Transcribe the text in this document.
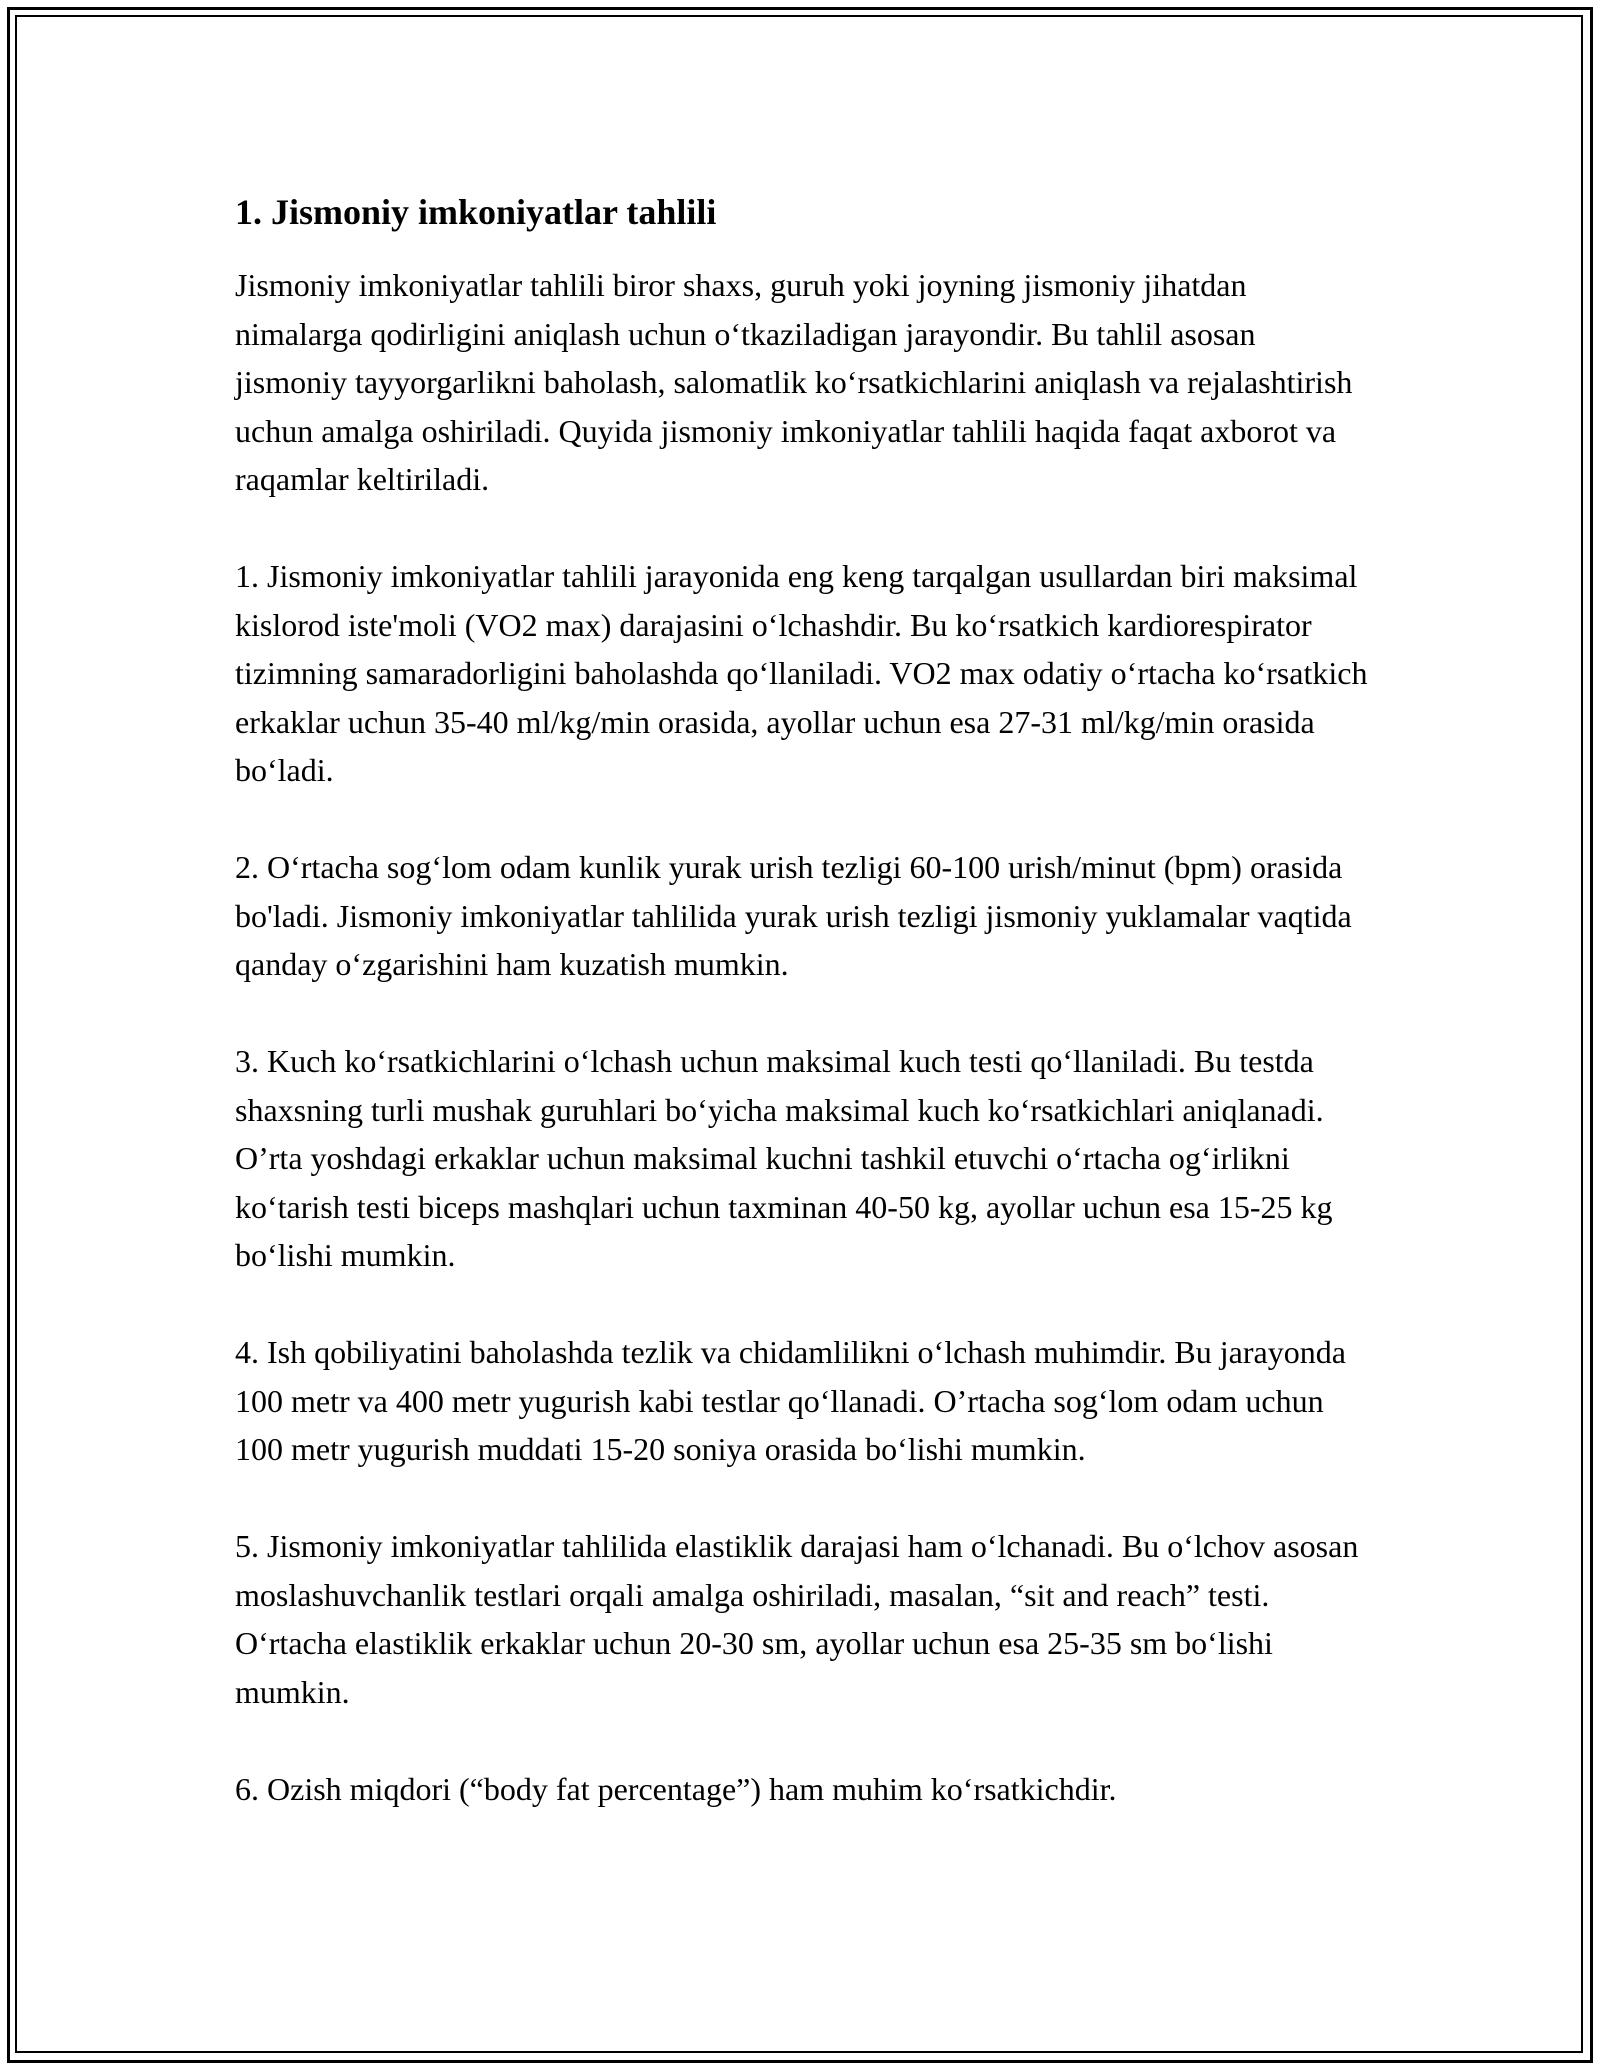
1. Jismoniy imkoniyatlar tahlili

Jismoniy imkoniyatlar tahlili biror shaxs, guruh yoki joyning jismoniy jihatdan nimalarga qodirligini aniqlash uchun o‘tkaziladigan jarayondir. Bu tahlil asosan jismoniy tayyorgarlikni baholash, salomatlik ko‘rsatkichlarini aniqlash va rejalashtirish uchun amalga oshiriladi. Quyida jismoniy imkoniyatlar tahlili haqida faqat axborot va raqamlar keltiriladi.

1. Jismoniy imkoniyatlar tahlili jarayonida eng keng tarqalgan usullardan biri maksimal kislorod iste'moli (VO2 max) darajasini o‘lchashdir. Bu ko‘rsatkich kardiorespirator tizimning samaradorligini baholashda qo‘llaniladi. VO2 max odatiy o‘rtacha ko‘rsatkich erkaklar uchun 35-40 ml/kg/min orasida, ayollar uchun esa 27-31 ml/kg/min orasida bo‘ladi.

2. O‘rtacha sog‘lom odam kunlik yurak urish tezligi 60-100 urish/minut (bpm) orasida bo'ladi. Jismoniy imkoniyatlar tahlilida yurak urish tezligi jismoniy yuklamalar vaqtida qanday o‘zgarishini ham kuzatish mumkin.

3. Kuch ko‘rsatkichlarini o‘lchash uchun maksimal kuch testi qo‘llaniladi. Bu testda shaxsning turli mushak guruhlari bo‘yicha maksimal kuch ko‘rsatkichlari aniqlanadi. O’rta yoshdagi erkaklar uchun maksimal kuchni tashkil etuvchi o‘rtacha og‘irlikni ko‘tarish testi biceps mashqlari uchun taxminan 40-50 kg, ayollar uchun esa 15-25 kg bo‘lishi mumkin.

4. Ish qobiliyatini baholashda tezlik va chidamlilikni o‘lchash muhimdir. Bu jarayonda 100 metr va 400 metr yugurish kabi testlar qo‘llanadi. O’rtacha sog‘lom odam uchun 100 metr yugurish muddati 15-20 soniya orasida bo‘lishi mumkin.

5. Jismoniy imkoniyatlar tahlilida elastiklik darajasi ham o‘lchanadi. Bu o‘lchov asosan moslashuvchanlik testlari orqali amalga oshiriladi, masalan, “sit and reach” testi. O‘rtacha elastiklik erkaklar uchun 20-30 sm, ayollar uchun esa 25-35 sm bo‘lishi mumkin.

6. Ozish miqdori (“body fat percentage”) ham muhim ko‘rsatkichdir.
